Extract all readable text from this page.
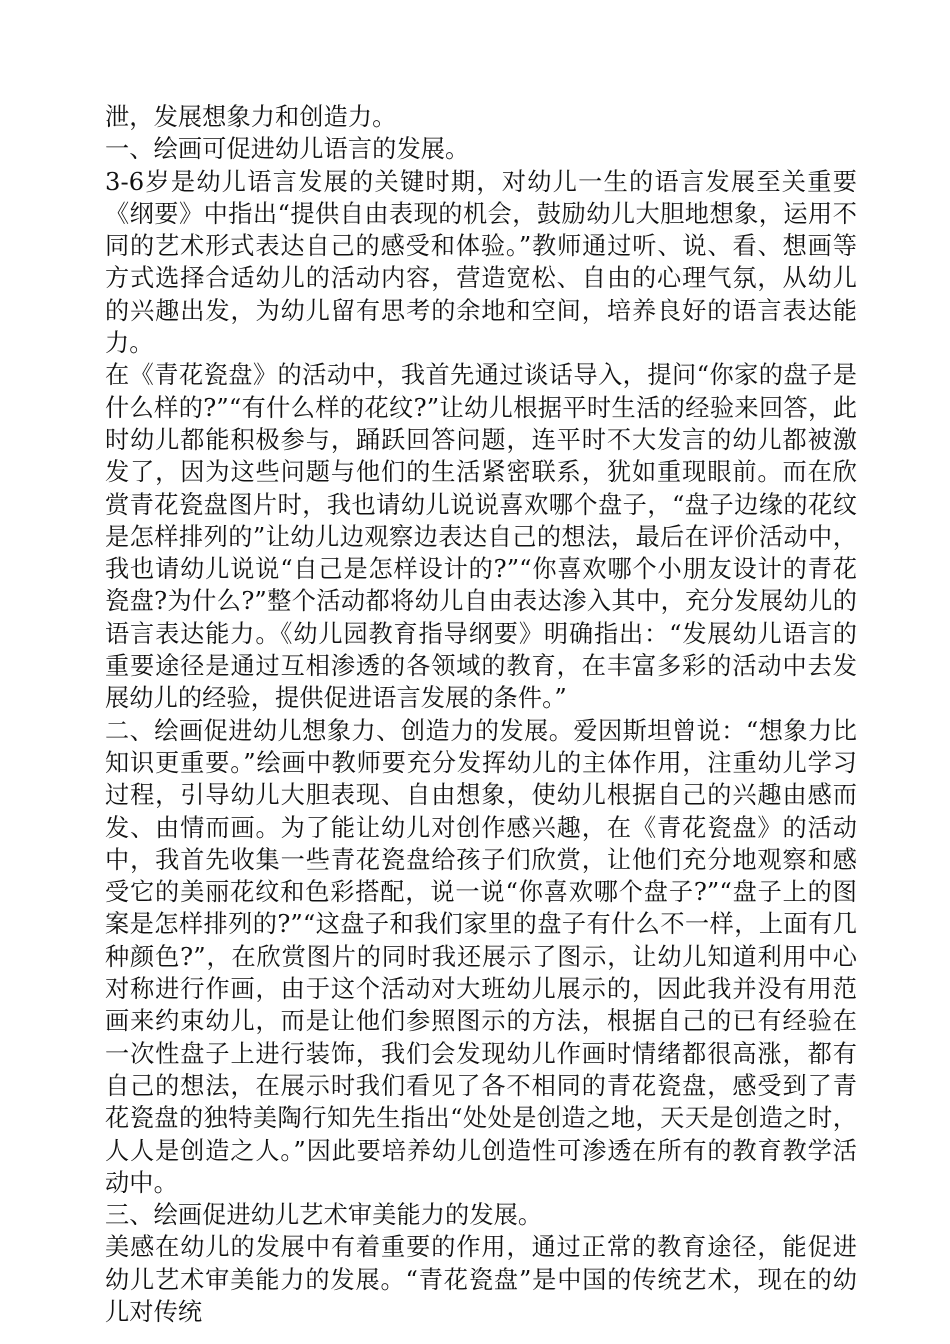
泄，发展想象力和创造力。

一、绘画可促进幼儿语言的发展。

3-6岁是幼儿语言发展的关键时期，对幼儿一生的语言发展至关重要《纲要》中指出“提供自由表现的机会，鼓励幼儿大胆地想象，运用不同的艺术形式表达自己的感受和体验。”教师通过听、说、看、想画等方式选择合适幼儿的活动内容，营造宽松、自由的心理气氛，从幼儿的兴趣出发，为幼儿留有思考的余地和空间，培养良好的语言表达能力。

在《青花瓷盘》的活动中，我首先通过谈话导入，提问“你家的盘子是什么样的?”“有什么样的花纹?”让幼儿根据平时生活的经验来回答，此时幼儿都能积极参与，踊跃回答问题，连平时不大发言的幼儿都被激发了，因为这些问题与他们的生活紧密联系，犹如重现眼前。而在欣赏青花瓷盘图片时，我也请幼儿说说喜欢哪个盘子，“盘子边缘的花纹是怎样排列的”让幼儿边观察边表达自己的想法，最后在评价活动中，我也请幼儿说说“自己是怎样设计的?”“你喜欢哪个小朋友设计的青花瓷盘?为什么?”整个活动都将幼儿自由表达渗入其中，充分发展幼儿的语言表达能力。《幼儿园教育指导纲要》明确指出：“发展幼儿语言的重要途径是通过互相渗透的各领域的教育，在丰富多彩的活动中去发展幼儿的经验，提供促进语言发展的条件。”

二、绘画促进幼儿想象力、创造力的发展。爱因斯坦曾说：“想象力比知识更重要。”绘画中教师要充分发挥幼儿的主体作用，注重幼儿学习过程，引导幼儿大胆表现、自由想象，使幼儿根据自己的兴趣由感而发、由情而画。为了能让幼儿对创作感兴趣，在《青花瓷盘》的活动中，我首先收集一些青花瓷盘给孩子们欣赏，让他们充分地观察和感受它的美丽花纹和色彩搭配，说一说“你喜欢哪个盘子?”“盘子上的图案是怎样排列的?”“这盘子和我们家里的盘子有什么不一样，上面有几种颜色?”，在欣赏图片的同时我还展示了图示，让幼儿知道利用中心对称进行作画，由于这个活动对大班幼儿展示的，因此我并没有用范画来约束幼儿，而是让他们参照图示的方法，根据自己的已有经验在一次性盘子上进行装饰，我们会发现幼儿作画时情绪都很高涨，都有自己的想法，在展示时我们看见了各不相同的青花瓷盘，感受到了青花瓷盘的独特美陶行知先生指出“处处是创造之地，天天是创造之时，人人是创造之人。”因此要培养幼儿创造性可渗透在所有的教育教学活动中。

三、绘画促进幼儿艺术审美能力的发展。

美感在幼儿的发展中有着重要的作用，通过正常的教育途径，能促进幼儿艺术审美能力的发展。“青花瓷盘”是中国的传统艺术，现在的幼儿对传统
